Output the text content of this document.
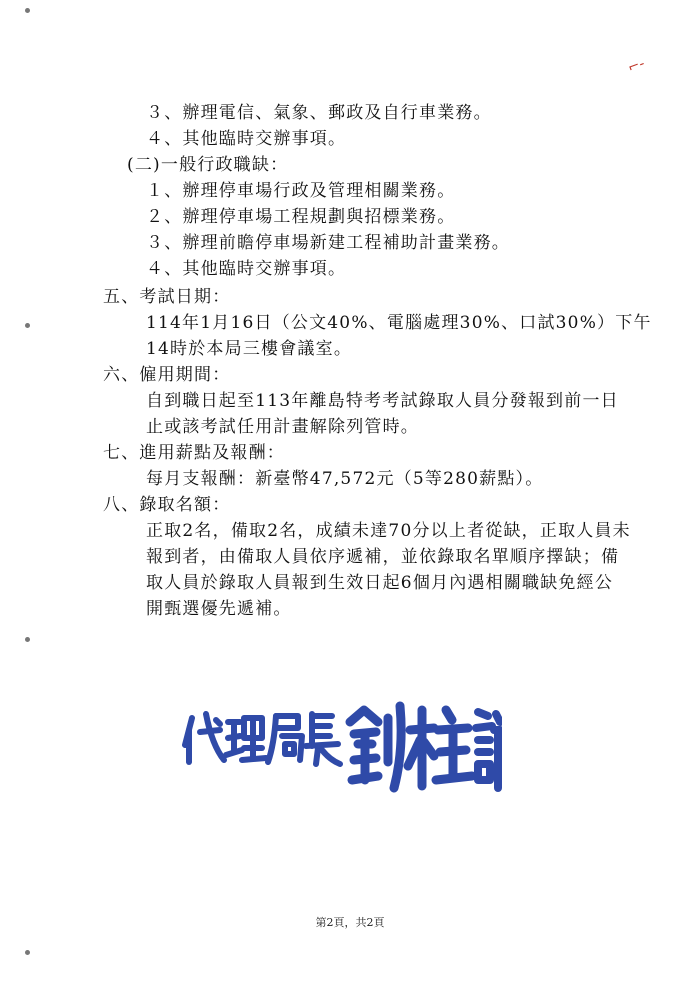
⌐‑
３、辦理電信、氣象、郵政及自行車業務。
４、其他臨時交辦事項。
(二)一般行政職缺：
１、辦理停車場行政及管理相關業務。
２、辦理停車場工程規劃與招標業務。
３、辦理前瞻停車場新建工程補助計畫業務。
４、其他臨時交辦事項。
五、考試日期：
114年1月16日（公文40%、電腦處理30%、口試30%）下午
14時於本局三樓會議室。
六、僱用期間：
自到職日起至113年離島特考考試錄取人員分發報到前一日
止或該考試任用計畫解除列管時。
七、進用薪點及報酬：
每月支報酬：新臺幣47,572元（5等280薪點）。
八、錄取名額：
正取2名，備取2名，成績未達70分以上者從缺，正取人員未
報到者，由備取人員依序遞補，並依錄取名單順序擇缺；備
取人員於錄取人員報到生效日起6個月內遇相關職缺免經公
開甄選優先遞補。
第2頁，共2頁
